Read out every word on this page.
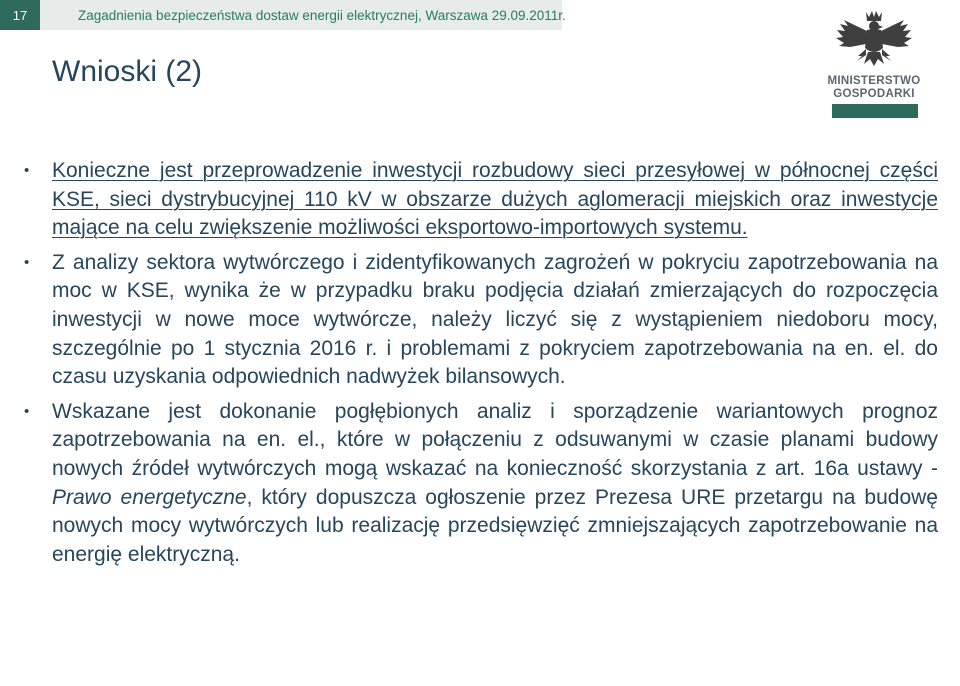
17	Zagadnienia bezpieczeństwa dostaw energii elektrycznej, Warszawa 29.09.2011r.
Wnioski (2)	MINISTERSTWO
GOSPODARKI
• Konieczne jest przeprowadzenie inwestycji rozbudowy sieci przesyłowej w północnej części KSE, sieci dystrybucyjnej 110 kV w obszarze dużych aglomeracji miejskich oraz inwestycje mające na celu zwiększenie możliwości eksportowo-importowych systemu.
• Z analizy sektora wytwórczego i zidentyfikowanych zagrożeń w pokryciu zapotrzebowania na moc w KSE, wynika że w przypadku braku podjęcia działań zmierzających do rozpoczęcia inwestycji w nowe moce wytwórcze, należy liczyć się z wystąpieniem niedoboru mocy, szczególnie po 1 stycznia 2016 r. i problemami z pokryciem zapotrzebowania na en. el. do czasu uzyskania odpowiednich nadwyżek bilansowych.
• Wskazane jest dokonanie pogłębionych analiz i sporządzenie wariantowych prognoz zapotrzebowania na en. el., które w połączeniu z odsuwanymi w czasie planami budowy nowych źródeł wytwórczych mogą wskazać na konieczność skorzystania z art. 16a ustawy - Prawo energetyczne, który dopuszcza ogłoszenie przez Prezesa URE przetargu na budowę nowych mocy wytwórczych lub realizację przedsięwzięć zmniejszających zapotrzebowanie na energię elektryczną.
